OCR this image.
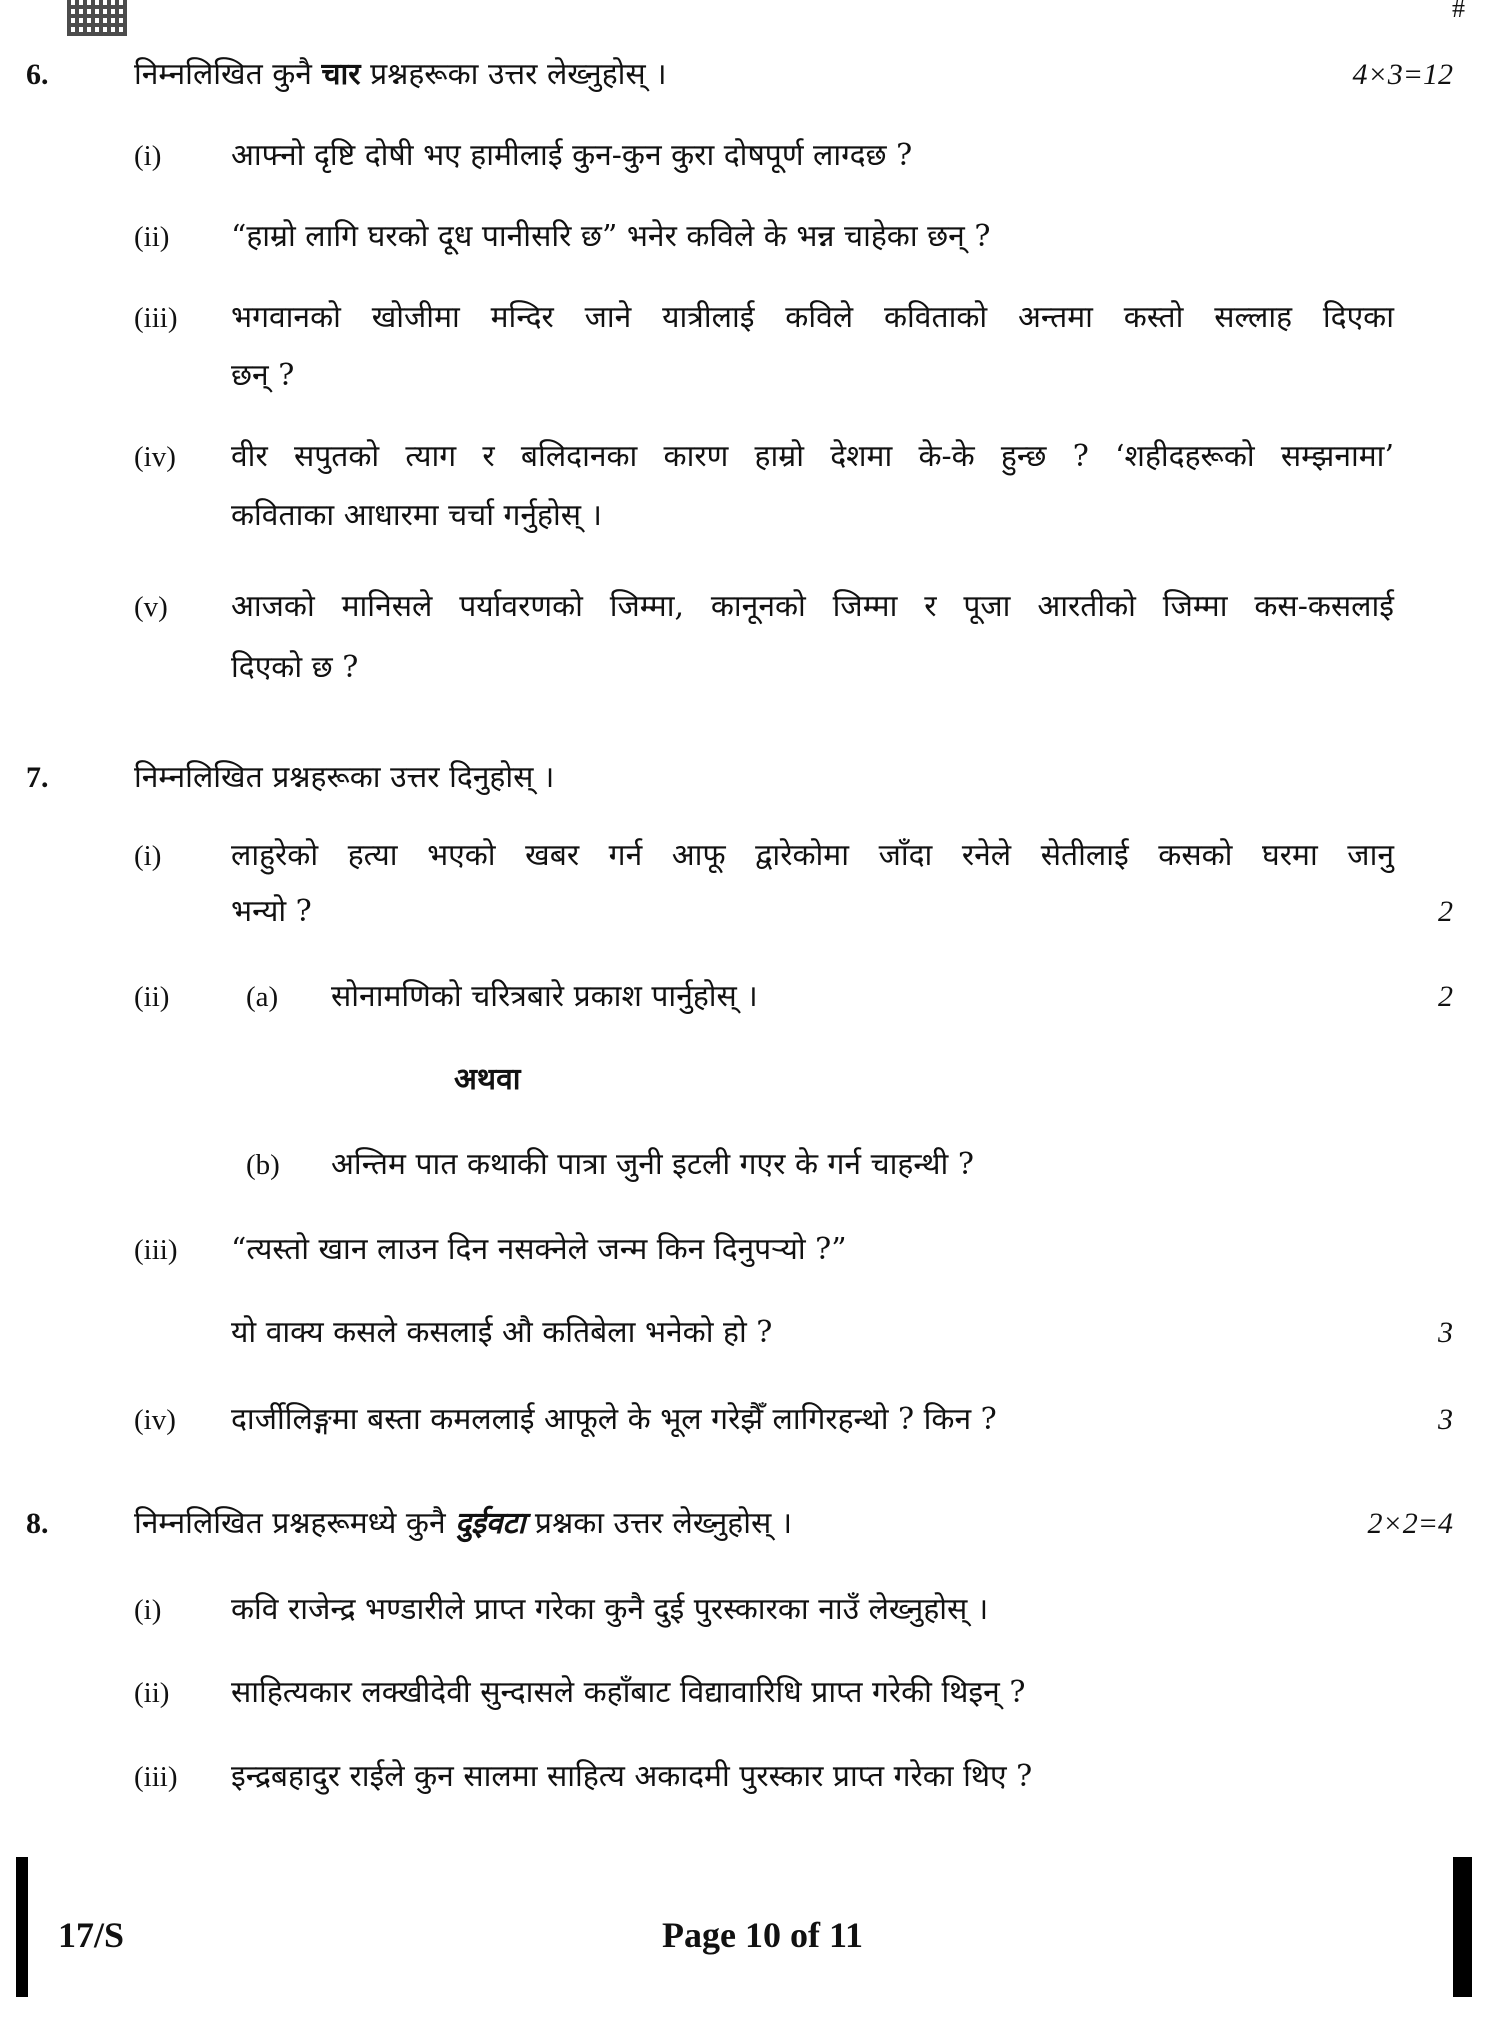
#
6.	निम्नलिखित कुनै चार प्रश्नहरूका उत्तर लेख्नुहोस् ।	4×3=12
(i) आफ्नो दृष्टि दोषी भए हामीलाई कुन-कुन कुरा दोषपूर्ण लाग्दछ ?
(ii) “हाम्रो लागि घरको दूध पानीसरि छ” भनेर कविले के भन्न चाहेका छन् ?
(iii) भगवानको खोजीमा मन्दिर जाने यात्रीलाई कविले कविताको अन्तमा कस्तो सल्लाह दिएका
छन् ?
(iv) वीर सपुतको त्याग र बलिदानका कारण हाम्रो देशमा के-के हुन्छ ? ‘शहीदहरूको सम्झनामा’
कविताका आधारमा चर्चा गर्नुहोस् ।
(v) आजको मानिसले पर्यावरणको जिम्मा, कानूनको जिम्मा र पूजा आरतीको जिम्मा कस-कसलाई
दिएको छ ?
7.	निम्नलिखित प्रश्नहरूका उत्तर दिनुहोस् ।
(i) लाहुरेको हत्या भएको खबर गर्न आफू द्वारेकोमा जाँदा रनेले सेतीलाई कसको घरमा जानु
भन्यो ?	2
(ii)	(a) सोनामणिको चरित्रबारे प्रकाश पार्नुहोस् ।	2
अथवा
(b) अन्तिम पात कथाकी पात्रा जुनी इटली गएर के गर्न चाहन्थी ?
(iii) “त्यस्तो खान लाउन दिन नसक्नेले जन्म किन दिनुपर्‍यो ?”
यो वाक्य कसले कसलाई औ कतिबेला भनेको हो ?	3
(iv) दार्जीलिङ्गमा बस्ता कमललाई आफूले के भूल गरेझैँ लागिरहन्थो ? किन ?	3
8.	निम्नलिखित प्रश्नहरूमध्ये कुनै दुईवटा प्रश्नका उत्तर लेख्नुहोस् ।	2×2=4
(i) कवि राजेन्द्र भण्डारीले प्राप्त गरेका कुनै दुई पुरस्कारका नाउँ लेख्नुहोस् ।
(ii) साहित्यकार लक्खीदेवी सुन्दासले कहाँबाट विद्यावारिधि प्राप्त गरेकी थिइन् ?
(iii) इन्द्रबहादुर राईले कुन सालमा साहित्य अकादमी पुरस्कार प्राप्त गरेका थिए ?
17/S	Page 10 of 11
